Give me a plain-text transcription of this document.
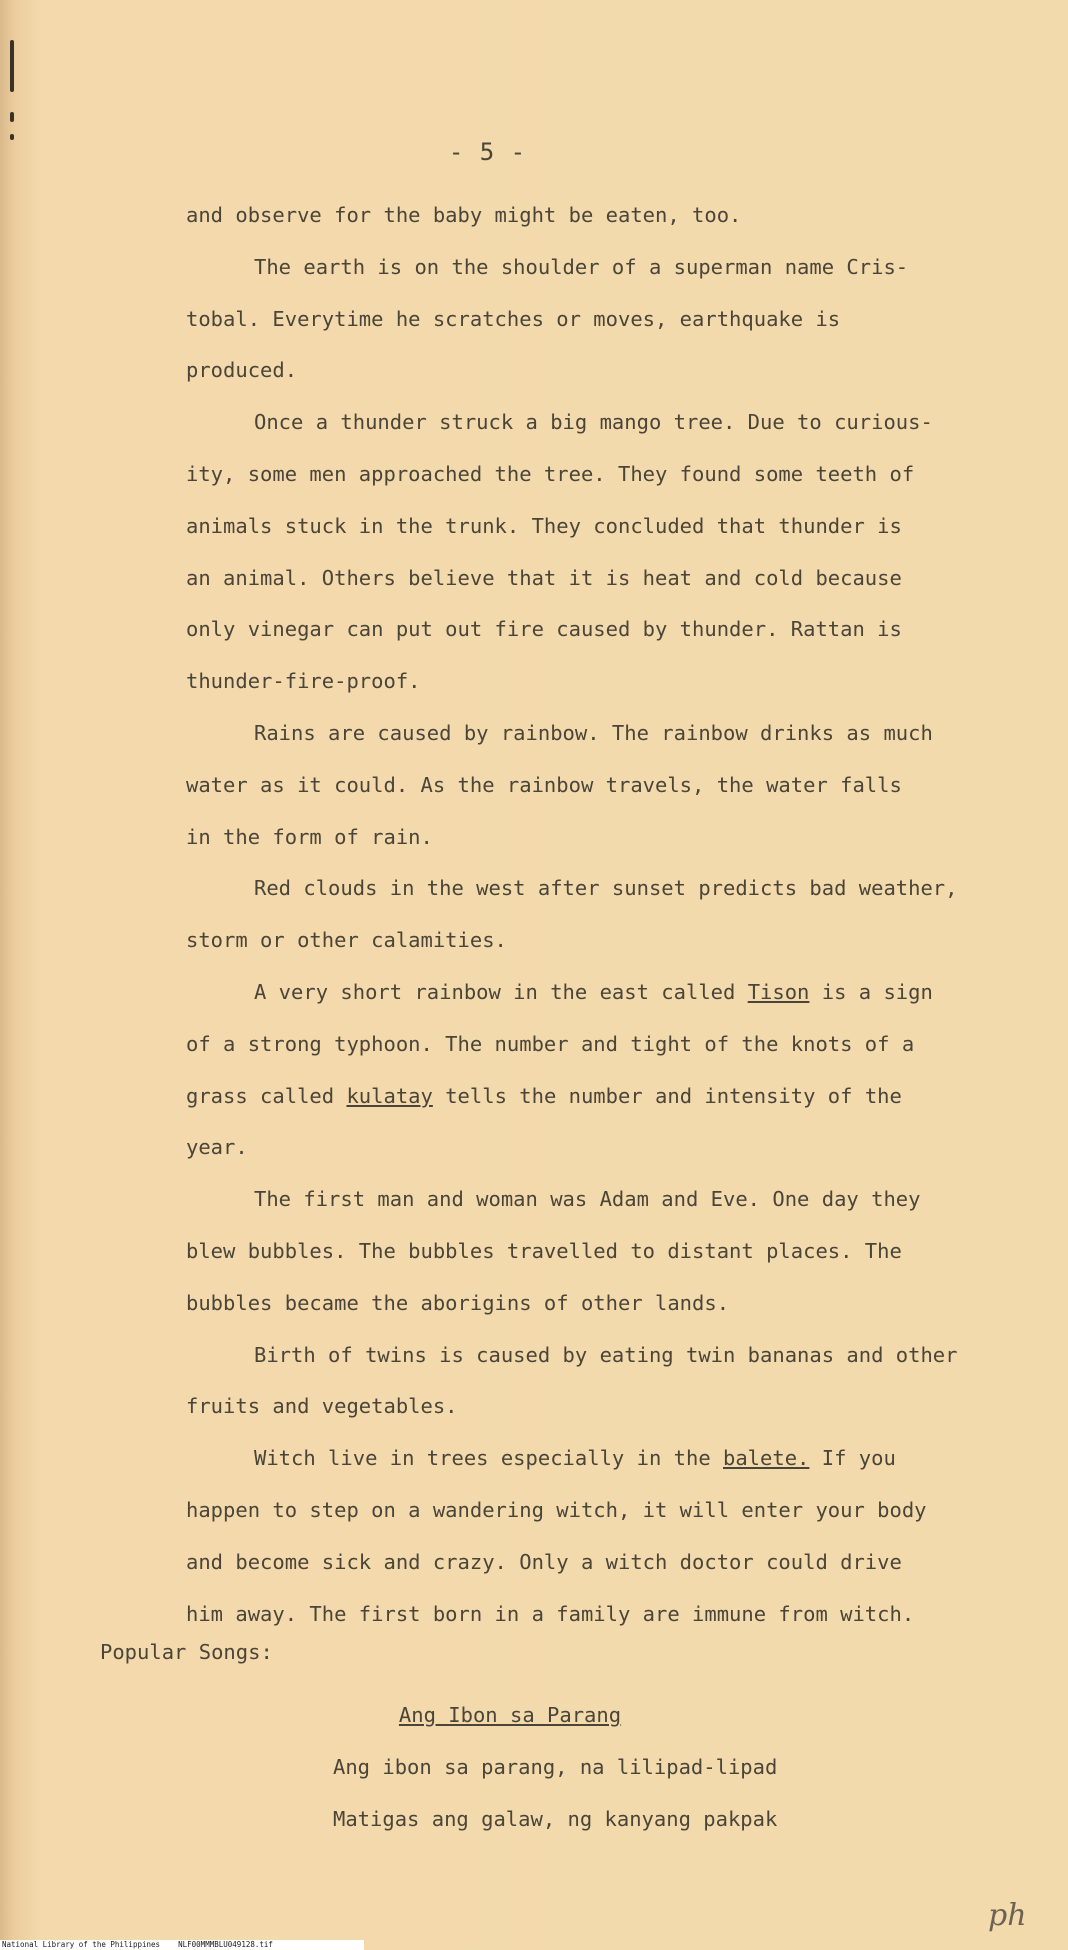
- 5 -
and observe for the baby might be eaten, too.
The earth is on the shoulder of a superman name Cris-
tobal. Everytime he scratches or moves, earthquake is
produced.
Once a thunder struck a big mango tree. Due to curious-
ity, some men approached the tree. They found some teeth of
animals stuck in the trunk. They concluded that thunder is
an animal. Others believe that it is heat and cold because
only vinegar can put out fire caused by thunder. Rattan is
thunder-fire-proof.
Rains are caused by rainbow. The rainbow drinks as much
water as it could. As the rainbow travels, the water falls
in the form of rain.
Red clouds in the west after sunset predicts bad weather,
storm or other calamities.
A very short rainbow in the east called Tison is a sign
of a strong typhoon. The number and tight of the knots of a
grass called kulatay tells the number and intensity of the
year.
The first man and woman was Adam and Eve. One day they
blew bubbles. The bubbles travelled to distant places. The
bubbles became the aborigins of other lands.
Birth of twins is caused by eating twin bananas and other
fruits and vegetables.
Witch live in trees especially in the balete. If you
happen to step on a wandering witch, it will enter your body
and become sick and crazy. Only a witch doctor could drive
him away. The first born in a family are immune from witch.
Popular Songs:
Ang Ibon sa Parang
Ang ibon sa parang, na lilipad-lipad
Matigas ang galaw, ng kanyang pakpak
ph
National Library of the Philippines    NLF00MMMBLU049128.tif
